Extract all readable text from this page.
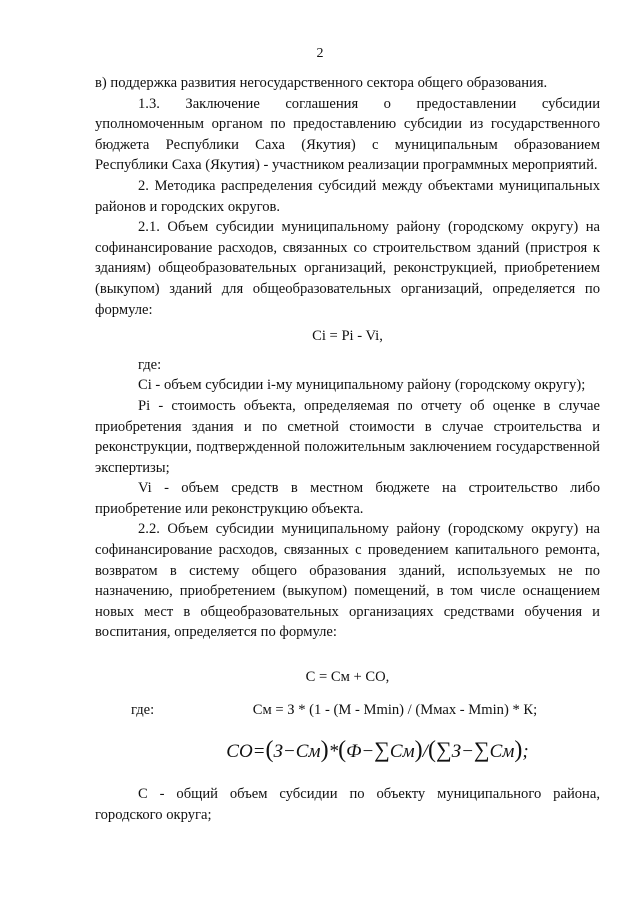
2

в) поддержка развития негосударственного сектора общего образования.

1.3. Заключение соглашения о предоставлении субсидии уполномоченным органом по предоставлению субсидии из государственного бюджета Республики Саха (Якутия) с муниципальным образованием Республики Саха (Якутия) - участником реализации программных мероприятий.

2. Методика распределения субсидий между объектами муниципальных районов и городских округов.

2.1. Объем субсидии муниципальному району (городскому округу) на софинансирование расходов, связанных со строительством зданий (пристроя к зданиям) общеобразовательных организаций, реконструкцией, приобретением (выкупом) зданий для общеобразовательных организаций, определяется по формуле:

Ci = Pi - Vi,

где:

Ci - объем субсидии i-му муниципальному району (городскому округу);

Pi - стоимость объекта, определяемая по отчету об оценке в случае приобретения здания и по сметной стоимости в случае строительства и реконструкции, подтвержденной положительным заключением государственной экспертизы;

Vi - объем средств в местном бюджете на строительство либо приобретение или реконструкцию объекта.

2.2. Объем субсидии муниципальному району (городскому округу) на софинансирование расходов, связанных с проведением капитального ремонта, возвратом в систему общего образования зданий, используемых не по назначению, приобретением (выкупом) помещений, в том числе оснащением новых мест в общеобразовательных организациях средствами обучения и воспитания, определяется по формуле:

C = Cм + CO,

где:	Cм = З * (1 - (M - Mmin) / (Mмах - Mmin) * К;
CO=(З−См)*(Ф−∑См)/(∑З−∑См);

С - общий объем субсидии по объекту муниципального района, городского округа;
